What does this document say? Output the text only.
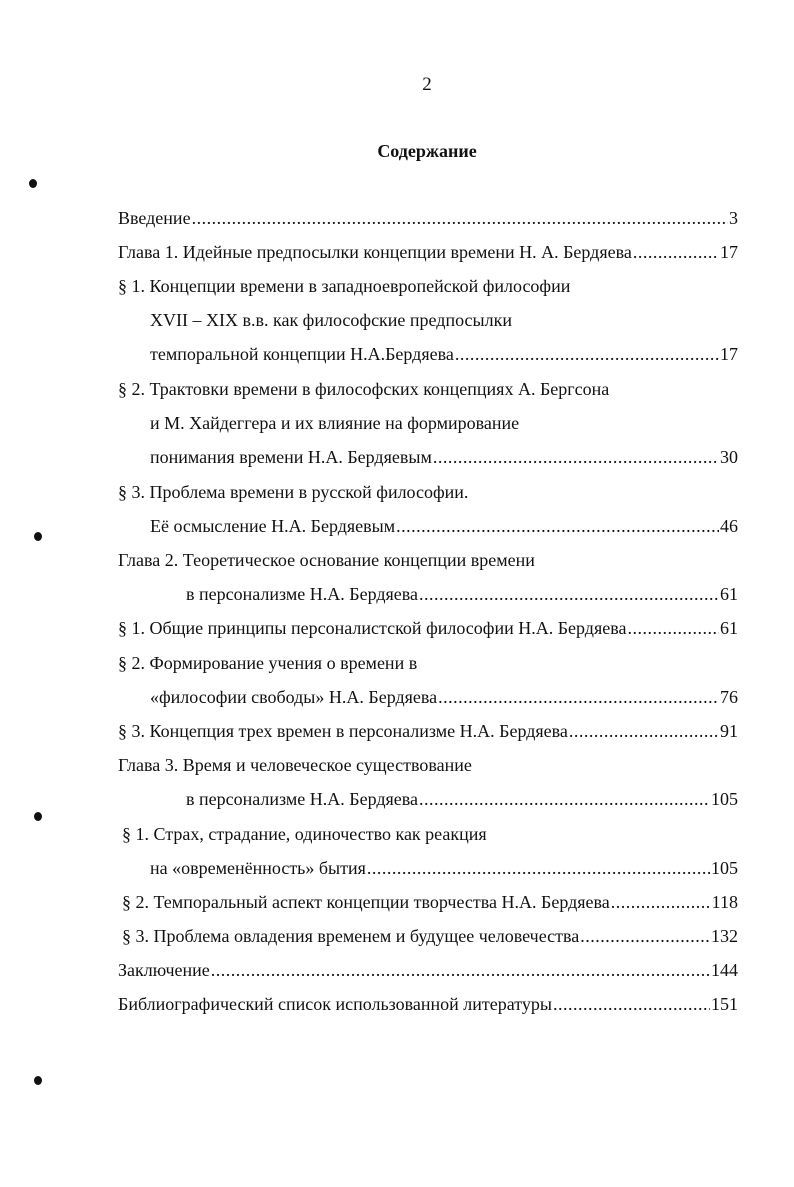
2
Содержание
Введение .....	3
Глава 1. Идейные предпосылки концепции времени Н. А. Бердяева .....	17
§ 1. Концепции времени в западноевропейской философии
XVII – XIX в.в. как философские предпосылки
темпоральной концепции Н.А.Бердяева .....	17
§ 2. Трактовки времени в философских концепциях А. Бергсона
и М. Хайдеггера и их влияние на формирование
понимания времени Н.А. Бердяевым .....	30
§ 3. Проблема времени в русской философии.
Её осмысление Н.А. Бердяевым .....	46
Глава 2. Теоретическое основание концепции времени
в персонализме Н.А. Бердяева .....	61
§ 1. Общие принципы персоналистской философии Н.А. Бердяева .....	61
§ 2. Формирование учения о времени в
«философии свободы» Н.А. Бердяева .....	76
§ 3. Концепция трех времен в персонализме Н.А. Бердяева .....	91
Глава 3. Время и человеческое существование
в персонализме Н.А. Бердяева .....	105
§ 1. Страх, страдание, одиночество как реакция
на «овременённость» бытия .....	105
§ 2. Темпоральный аспект концепции творчества Н.А. Бердяева .....	118
§ 3. Проблема овладения временем и будущее человечества .....	132
Заключение .....	144
Библиографический список использованной литературы .....	151
